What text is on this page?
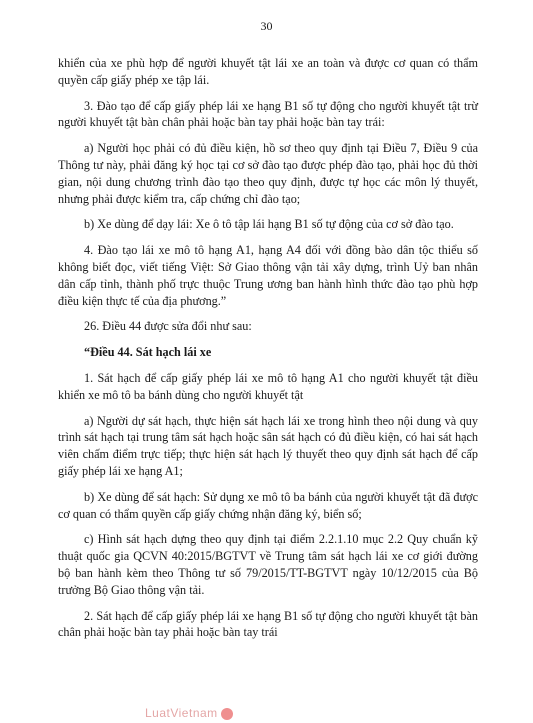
30

khiển của xe phù hợp để người khuyết tật lái xe an toàn và được cơ quan có thẩm quyền cấp giấy phép xe tập lái.

3. Đào tạo để cấp giấy phép lái xe hạng B1 số tự động cho người khuyết tật trừ người khuyết tật bàn chân phải hoặc bàn tay phải hoặc bàn tay trái:

a) Người học phải có đủ điều kiện, hồ sơ theo quy định tại Điều 7, Điều 9 của Thông tư này, phải đăng ký học tại cơ sở đào tạo được phép đào tạo, phải học đủ thời gian, nội dung chương trình đào tạo theo quy định, được tự học các môn lý thuyết, nhưng phải được kiểm tra, cấp chứng chỉ đào tạo;

b) Xe dùng để dạy lái: Xe ô tô tập lái hạng B1 số tự động của cơ sở đào tạo.

4. Đào tạo lái xe mô tô hạng A1, hạng A4 đối với đồng bào dân tộc thiểu số không biết đọc, viết tiếng Việt: Sở Giao thông vận tải xây dựng, trình Uỷ ban nhân dân cấp tỉnh, thành phố trực thuộc Trung ương ban hành hình thức đào tạo phù hợp điều kiện thực tế của địa phương.”

26. Điều 44 được sửa đổi như sau:

“Điều 44. Sát hạch lái xe

1. Sát hạch để cấp giấy phép lái xe mô tô hạng A1 cho người khuyết tật điều khiển xe mô tô ba bánh dùng cho người khuyết tật

a) Người dự sát hạch, thực hiện sát hạch lái xe trong hình theo nội dung và quy trình sát hạch tại trung tâm sát hạch hoặc sân sát hạch có đủ điều kiện, có hai sát hạch viên chấm điểm trực tiếp; thực hiện sát hạch lý thuyết theo quy định sát hạch để cấp giấy phép lái xe hạng A1;

b) Xe dùng để sát hạch: Sử dụng xe mô tô ba bánh của người khuyết tật đã được cơ quan có thẩm quyền cấp giấy chứng nhận đăng ký, biển số;

c) Hình sát hạch dựng theo quy định tại điểm 2.2.1.10 mục 2.2 Quy chuẩn kỹ thuật quốc gia QCVN 40:2015/BGTVT về Trung tâm sát hạch lái xe cơ giới đường bộ ban hành kèm theo Thông tư số 79/2015/TT-BGTVT ngày 10/12/2015 của Bộ trưởng Bộ Giao thông vận tải.

2. Sát hạch để cấp giấy phép lái xe hạng B1 số tự động cho người khuyết tật bàn chân phải hoặc bàn tay phải hoặc bàn tay trái

LuatVietnam
